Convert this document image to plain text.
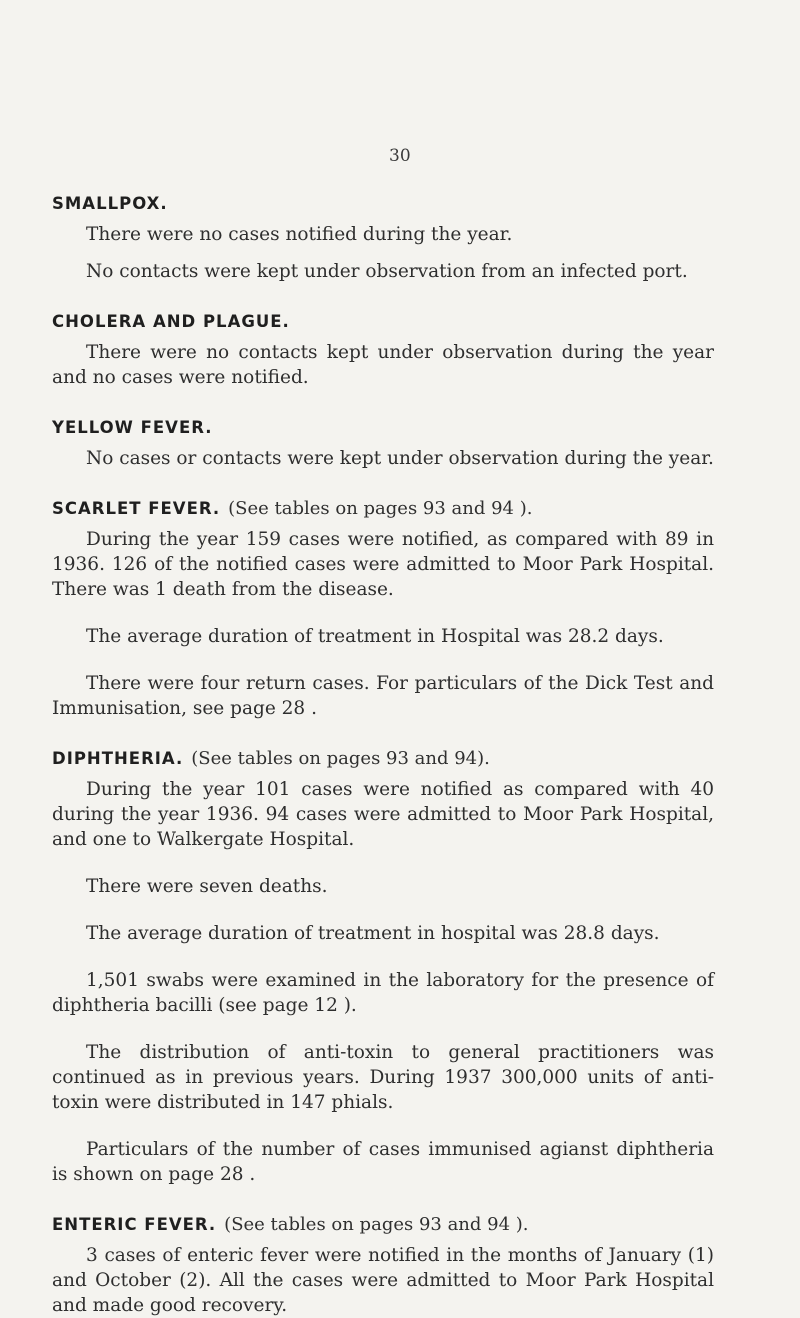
30
SMALLPOX.

There were no cases notified during the year.

No contacts were kept under observation from an infected port.

CHOLERA AND PLAGUE.

There were no contacts kept under observation during the year and no cases were notified.

YELLOW FEVER.

No cases or contacts were kept under observation during the year.

SCARLET FEVER. (See tables on pages 93 and 94 ).

During the year 159 cases were notified, as compared with 89 in 1936. 126 of the notified cases were admitted to Moor Park Hospital. There was 1 death from the disease.

The average duration of treatment in Hospital was 28.2 days.

There were four return cases. For particulars of the Dick Test and Immunisation, see page 28 .

DIPHTHERIA. (See tables on pages 93 and 94).

During the year 101 cases were notified as compared with 40 during the year 1936. 94 cases were admitted to Moor Park Hospital, and one to Walkergate Hospital.

There were seven deaths.

The average duration of treatment in hospital was 28.8 days.

1,501 swabs were examined in the laboratory for the presence of diphtheria bacilli (see page 12 ).

The distribution of anti-toxin to general practitioners was continued as in previous years. During 1937 300,000 units of anti-toxin were distributed in 147 phials.

Particulars of the number of cases immunised agianst diphtheria is shown on page 28 .

ENTERIC FEVER. (See tables on pages 93 and 94 ).

3 cases of enteric fever were notified in the months of January (1) and October (2). All the cases were admitted to Moor Park Hospital and made good recovery.
